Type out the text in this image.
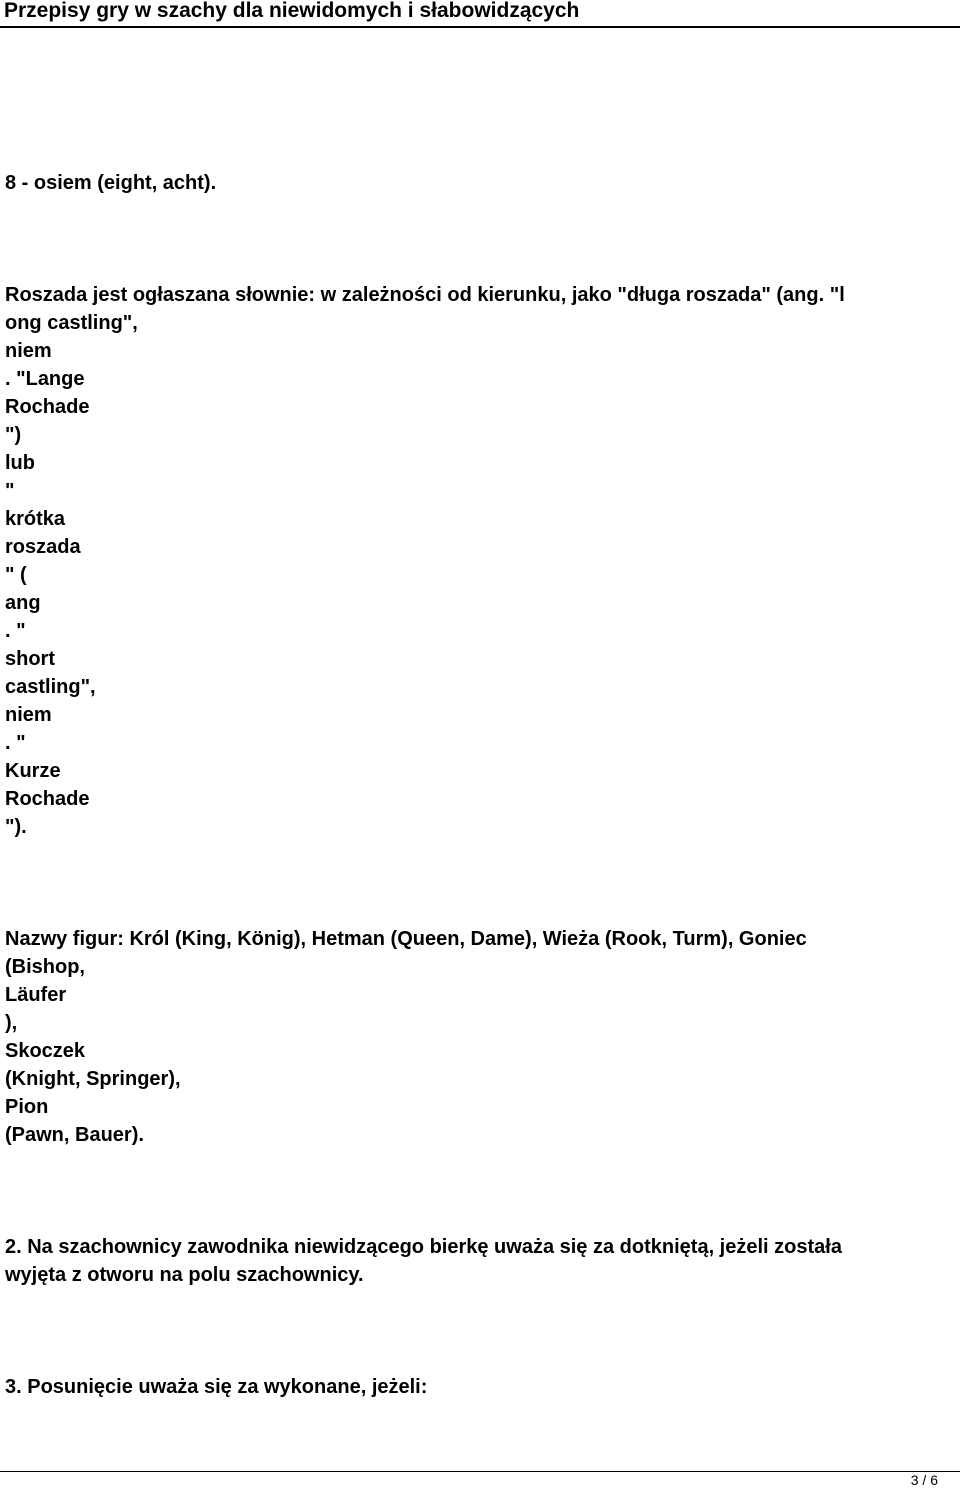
Przepisy gry w szachy dla niewidomych i słabowidzących
8 - osiem (eight, acht).
Roszada jest ogłaszana słownie: w zależności od kierunku, jako "długa roszada" (ang. "l
ong castling",
niem
. "Lange
Rochade
")
lub
"
krótka
roszada
" (
ang
. "
short
castling",
niem
. "
Kurze
Rochade
").
Nazwy figur: Król (King, König), Hetman (Queen, Dame), Wieża (Rook, Turm), Goniec
(Bishop,
Läufer
),
Skoczek
(Knight, Springer),
Pion
(Pawn, Bauer).
2. Na szachownicy zawodnika niewidzącego bierkę uważa się za dotkniętą, jeżeli została
wyjęta z otworu na polu szachownicy.
3. Posunięcie uważa się za wykonane, jeżeli:
3 / 6
